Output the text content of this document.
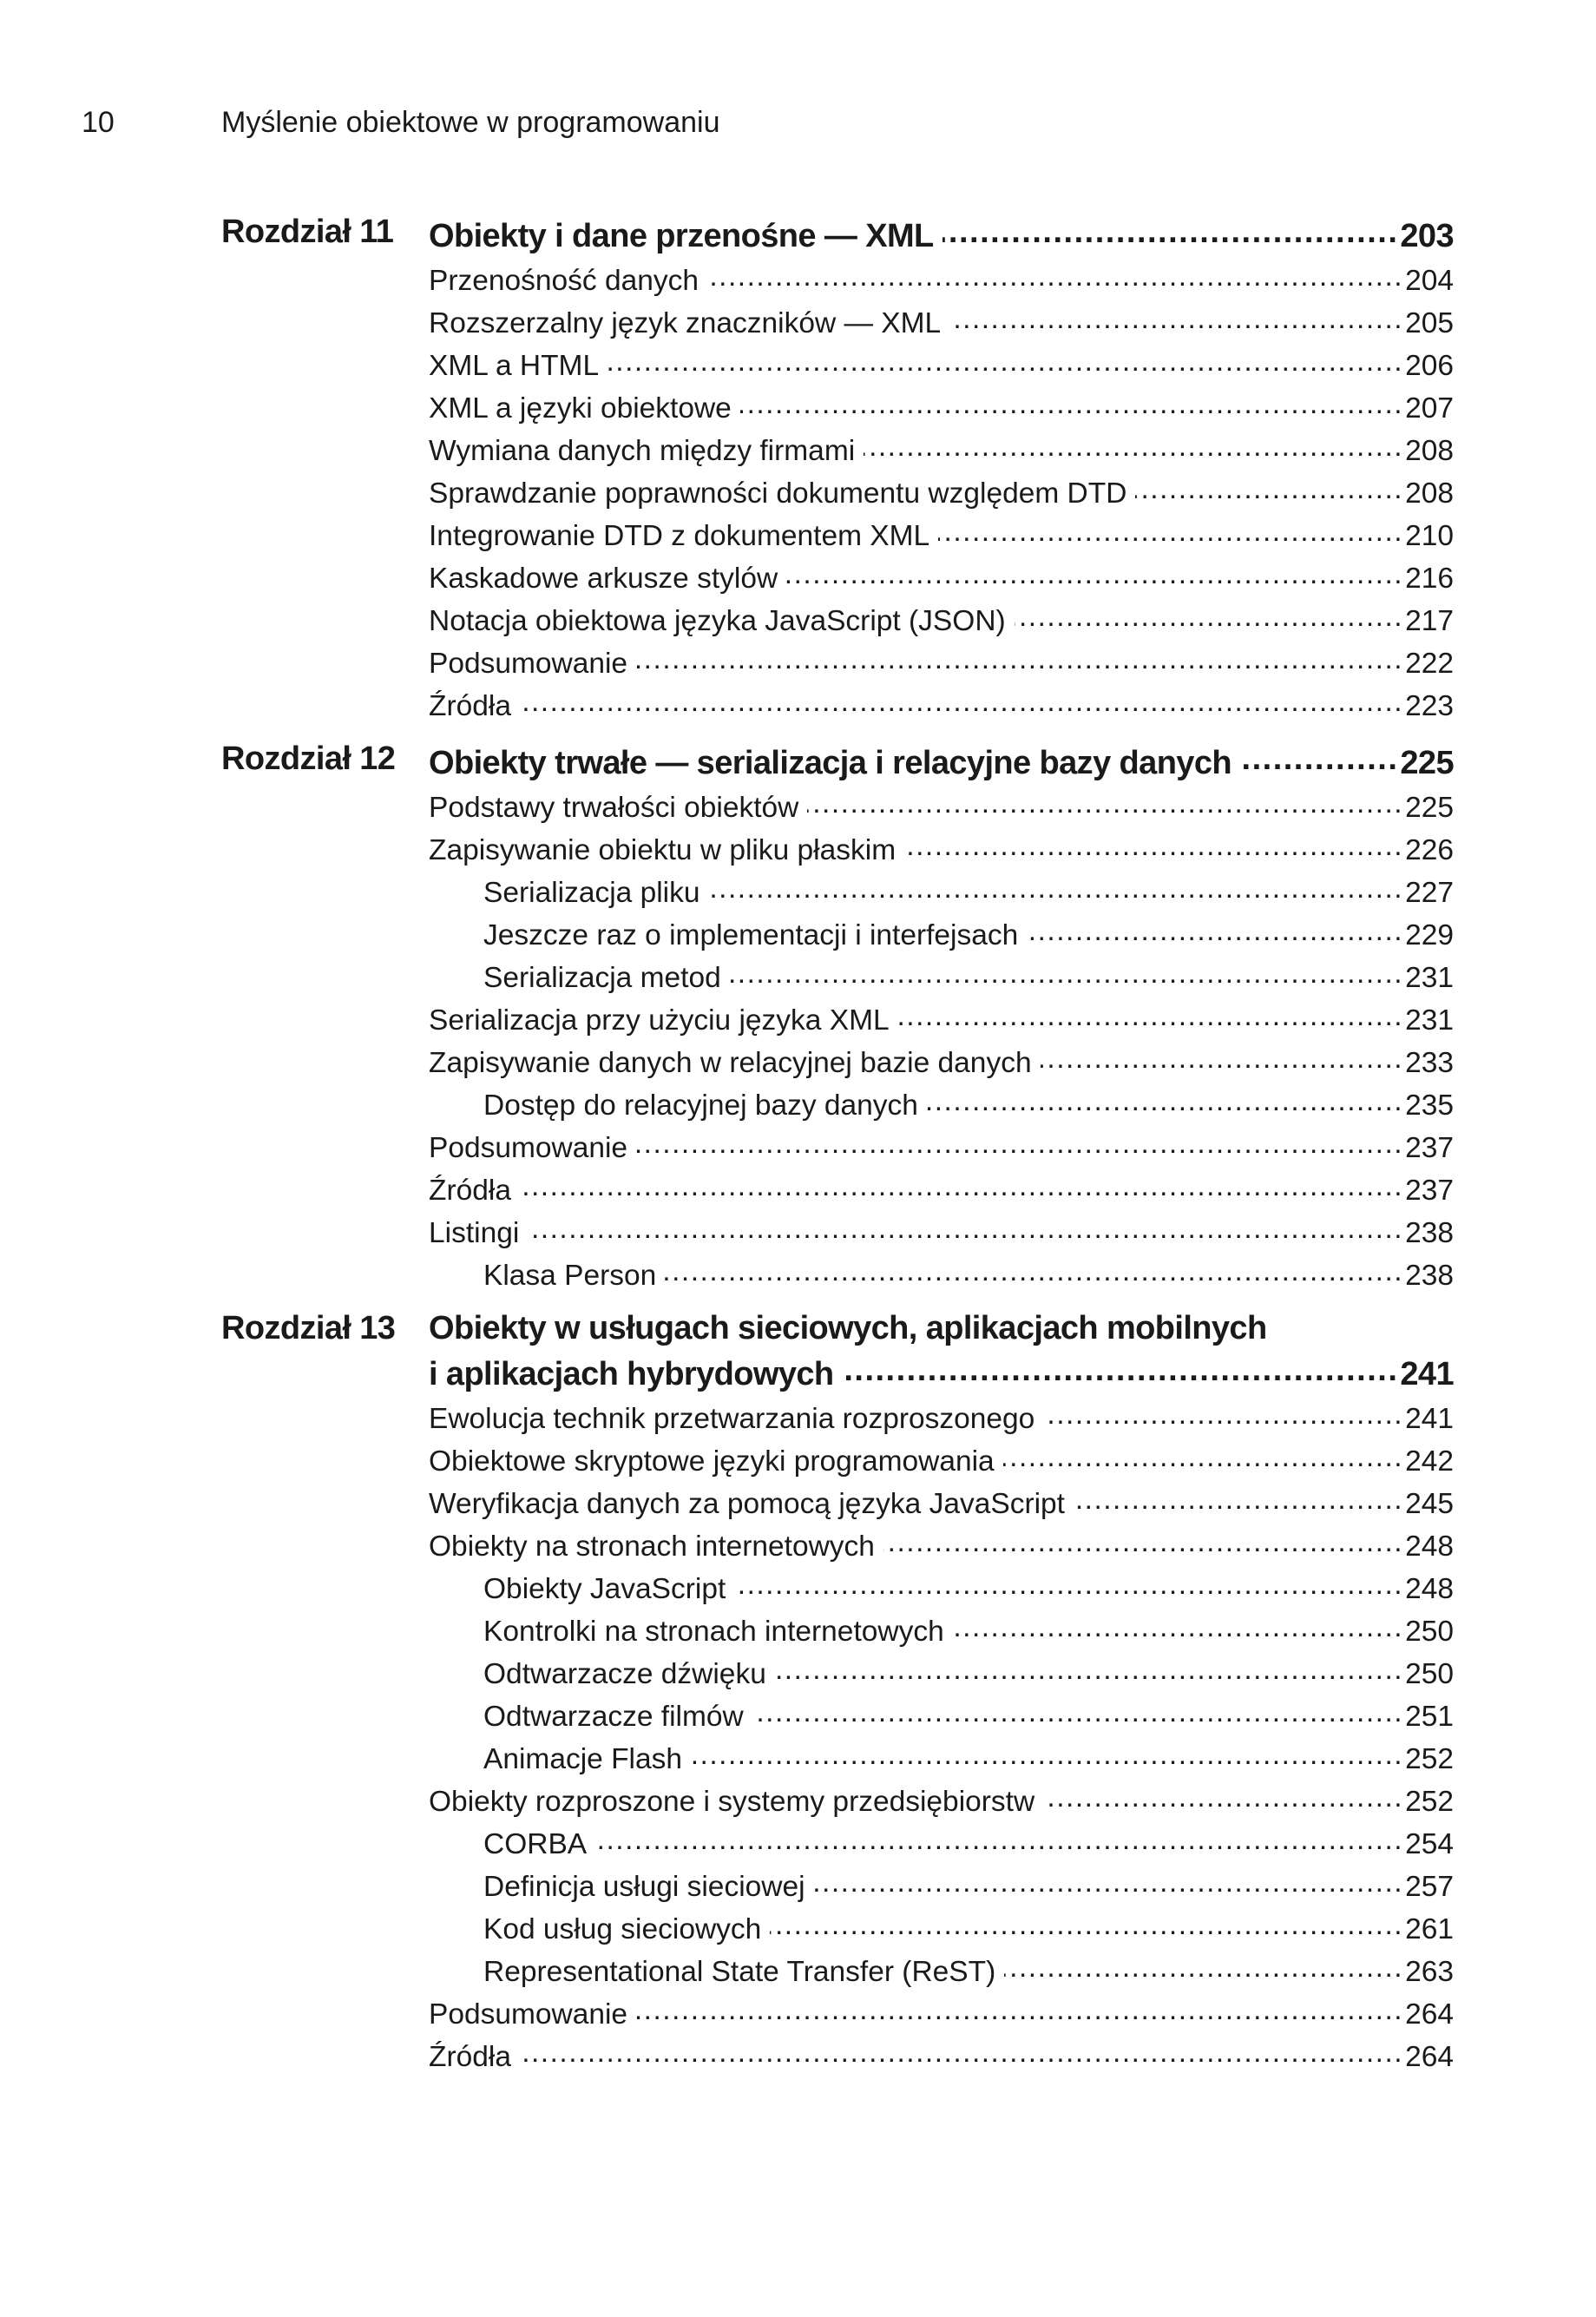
10	Myślenie obiektowe w programowaniu
Rozdział 11 Obiekty i dane przenośne — XML .....	203
Przenośność danych .....	204
Rozszerzalny język znaczników — XML .....	205
XML a HTML .....	206
XML a języki obiektowe .....	207
Wymiana danych między firmami .....	208
Sprawdzanie poprawności dokumentu względem DTD .....	208
Integrowanie DTD z dokumentem XML .....	210
Kaskadowe arkusze stylów .....	216
Notacja obiektowa języka JavaScript (JSON) .....	217
Podsumowanie .....	222
Źródła .....	223
Rozdział 12 Obiekty trwałe — serializacja i relacyjne bazy danych .....	225
Podstawy trwałości obiektów .....	225
Zapisywanie obiektu w pliku płaskim .....	226
Serializacja pliku .....	227
Jeszcze raz o implementacji i interfejsach .....	229
Serializacja metod .....	231
Serializacja przy użyciu języka XML .....	231
Zapisywanie danych w relacyjnej bazie danych .....	233
Dostęp do relacyjnej bazy danych .....	235
Podsumowanie .....	237
Źródła .....	237
Listingi .....	238
Klasa Person .....	238
Rozdział 13 Obiekty w usługach sieciowych, aplikacjach mobilnych
i aplikacjach hybrydowych .....	241
Ewolucja technik przetwarzania rozproszonego .....	241
Obiektowe skryptowe języki programowania .....	242
Weryfikacja danych za pomocą języka JavaScript .....	245
Obiekty na stronach internetowych .....	248
Obiekty JavaScript .....	248
Kontrolki na stronach internetowych .....	250
Odtwarzacze dźwięku .....	250
Odtwarzacze filmów .....	251
Animacje Flash .....	252
Obiekty rozproszone i systemy przedsiębiorstw .....	252
CORBA .....	254
Definicja usługi sieciowej .....	257
Kod usług sieciowych .....	261
Representational State Transfer (ReST) .....	263
Podsumowanie .....	264
Źródła .....	264
